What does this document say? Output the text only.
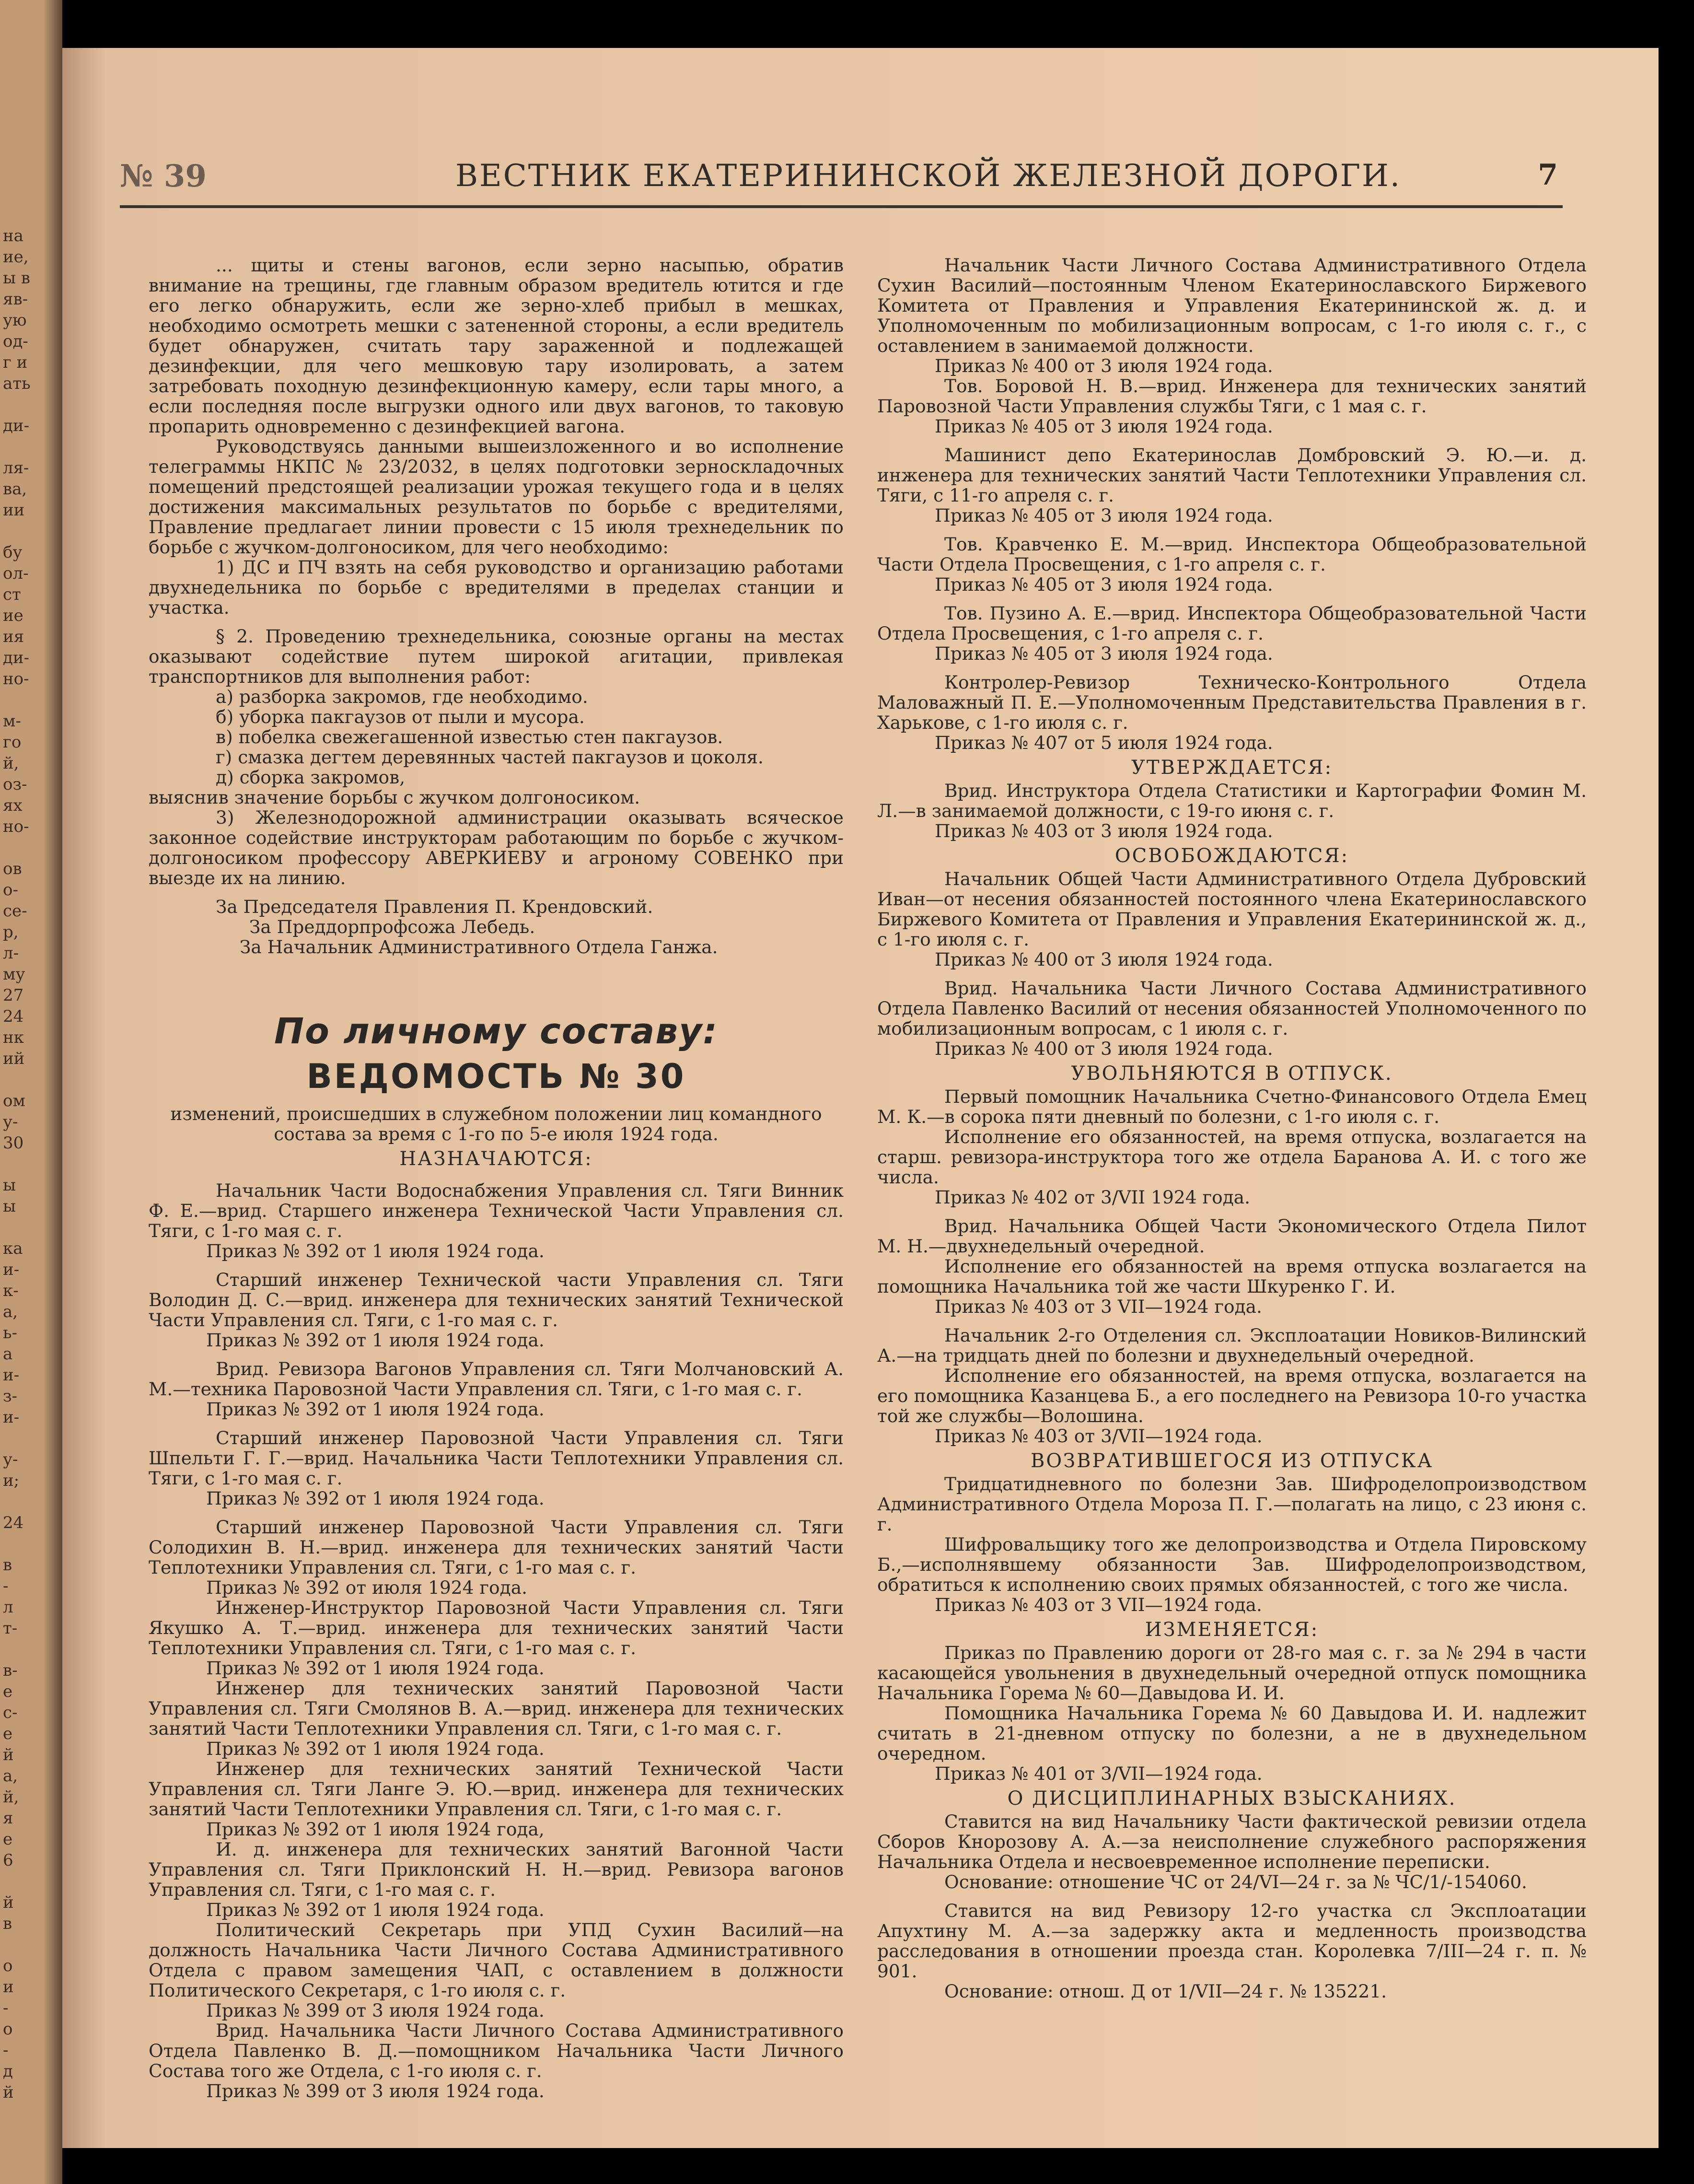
на
ие,
ы в
яв-
ую
од-
г и
ать

ди-

ля-
ва,
ии

бу
ол-
ст
ие
ия
ди-
но-

м-
го
й,
оз-
ях
но-

ов
о-
се-
р,
л-
му
27
24
нк
ий

ом
у-
30

ы
ы

ка
и-
к-
а,
ь-
а
и-
з-
и-

у-
и;

24

в
-
л
т-

в-
е
с-
е
й
а,
й,
я
е
6

й
в

о
и
-
о
-
д
й
№ 39	ВЕСТНИК ЕКАТЕРИНИНСКОЙ ЖЕЛЕЗНОЙ ДОРОГИ.	7

... щиты и стены вагонов, если зерно насыпью, обратив внимание на трещины, где главным образом вредитель ютится и где его легко обнаружить, если же зерно-хлеб прибыл в мешках, необходимо осмотреть мешки с затененной стороны, а если вредитель будет обнаружен, считать тару зараженной и подлежащей дезинфекции, для чего мешковую тару изолировать, а затем затребовать походную дезинфекционную камеру, если тары много, а если последняя после выгрузки одного или двух вагонов, то таковую пропарить одновременно с дезинфекцией вагона.

Руководствуясь данными вышеизложенного и во исполнение телеграммы НКПС № 23/2032, в целях подготовки зерноскладочных помещений предстоящей реализации урожая текущего года и в целях достижения максимальных результатов по борьбе с вредителями, Правление предлагает линии провести с 15 июля трехнедельник по борьбе с жучком-долгоносиком, для чего необходимо:

1) ДС и ПЧ взять на себя руководство и организацию работами двухнедельника по борьбе с вредителями в пределах станции и участка.

§ 2. Проведению трехнедельника, союзные органы на местах оказывают содействие путем широкой агитации, привлекая транспортников для выполнения работ:

а) разборка закромов, где необходимо.

б) уборка пакгаузов от пыли и мусора.

в) побелка свежегашенной известью стен пакгаузов.

г) смазка дегтем деревянных частей пакгаузов и цоколя.

д) сборка закромов,

выяснив значение борьбы с жучком долгоносиком.

3) Железнодорожной администрации оказывать всяческое законное содействие инструкторам работающим по борьбе с жучком-долгоносиком профессору АВЕРКИЕВУ и агроному СОВЕНКО при выезде их на линию.

За Председателя Правления П. Крендовский.

За Преддорпрофсожа Лебедь.

За Начальник Административного Отдела Ганжа.

По личному составу:
ВЕДОМОСТЬ № 30

изменений, происшедших в служебном положении лиц командного состава за время с 1-го по 5-е июля 1924 года.

НАЗНАЧАЮТСЯ:

Начальник Части Водоснабжения Управления сл. Тяги Винник Ф. Е.—врид. Старшего инженера Технической Части Управления сл. Тяги, с 1-го мая с. г.

Приказ № 392 от 1 июля 1924 года.

Старший инженер Технической части Управления сл. Тяги Володин Д. С.—врид. инженера для технических занятий Технической Части Управления сл. Тяги, с 1-го мая с. г.

Приказ № 392 от 1 июля 1924 года.

Врид. Ревизора Вагонов Управления сл. Тяги Молчановский А. М.—техника Паровозной Части Управления сл. Тяги, с 1-го мая с. г.

Приказ № 392 от 1 июля 1924 года.

Старший инженер Паровозной Части Управления сл. Тяги Шпельти Г. Г.—врид. Начальника Части Теплотехники Управления сл. Тяги, с 1-го мая с. г.

Приказ № 392 от 1 июля 1924 года.

Старший инженер Паровозной Части Управления сл. Тяги Солодихин В. Н.—врид. инженера для технических занятий Части Теплотехники Управления сл. Тяги, с 1-го мая с. г.

Приказ № 392 от июля 1924 года.

Инженер-Инструктор Паровозной Части Управления сл. Тяги Якушко А. Т.—врид. инженера для технических занятий Части Теплотехники Управления сл. Тяги, с 1-го мая с. г.

Приказ № 392 от 1 июля 1924 года.

Инженер для технических занятий Паровозной Части Управления сл. Тяги Смолянов В. А.—врид. инженера для технических занятий Части Теплотехники Управления сл. Тяги, с 1-го мая с. г.

Приказ № 392 от 1 июля 1924 года.

Инженер для технических занятий Технической Части Управления сл. Тяги Ланге Э. Ю.—врид. инженера для технических занятий Части Теплотехники Управления сл. Тяги, с 1-го мая с. г.

Приказ № 392 от 1 июля 1924 года,

И. д. инженера для технических занятий Вагонной Части Управления сл. Тяги Приклонский Н. Н.—врид. Ревизора вагонов Управления сл. Тяги, с 1-го мая с. г.

Приказ № 392 от 1 июля 1924 года.

Политический Секретарь при УПД Сухин Василий—на должность Начальника Части Личного Состава Административного Отдела с правом замещения ЧАП, с оставлением в должности Политического Секретаря, с 1-го июля с. г.

Приказ № 399 от 3 июля 1924 года.

Врид. Начальника Части Личного Состава Административного Отдела Павленко В. Д.—помощником Начальника Части Личного Состава того же Отдела, с 1-го июля с. г.

Приказ № 399 от 3 июля 1924 года.

Начальник Части Личного Состава Административного Отдела Сухин Василий—постоянным Членом Екатеринославского Биржевого Комитета от Правления и Управления Екатерининской ж. д. и Уполномоченным по мобилизационным вопросам, с 1-го июля с. г., с оставлением в занимаемой должности.

Приказ № 400 от 3 июля 1924 года.

Тов. Боровой Н. В.—врид. Инженера для технических занятий Паровозной Части Управления службы Тяги, с 1 мая с. г.

Приказ № 405 от 3 июля 1924 года.

Машинист депо Екатеринослав Домбровский Э. Ю.—и. д. инженера для технических занятий Части Теплотехники Управления сл. Тяги, с 11-го апреля с. г.

Приказ № 405 от 3 июля 1924 года.

Тов. Кравченко Е. М.—врид. Инспектора Общеобразовательной Части Отдела Просвещения, с 1-го апреля с. г.

Приказ № 405 от 3 июля 1924 года.

Тов. Пузино А. Е.—врид. Инспектора Общеобразовательной Части Отдела Просвещения, с 1-го апреля с. г.

Приказ № 405 от 3 июля 1924 года.

Контролер-Ревизор Техническо-Контрольного Отдела Маловажный П. Е.—Уполномоченным Представительства Правления в г. Харькове, с 1-го июля с. г.

Приказ № 407 от 5 июля 1924 года.

УТВЕРЖДАЕТСЯ:

Врид. Инструктора Отдела Статистики и Картографии Фомин М. Л.—в занимаемой должности, с 19-го июня с. г.

Приказ № 403 от 3 июля 1924 года.

ОСВОБОЖДАЮТСЯ:

Начальник Общей Части Административного Отдела Дубровский Иван—от несения обязанностей постоянного члена Екатеринославского Биржевого Комитета от Правления и Управления Екатерининской ж. д., с 1-го июля с. г.

Приказ № 400 от 3 июля 1924 года.

Врид. Начальника Части Личного Состава Административного Отдела Павленко Василий от несения обязанностей Уполномоченного по мобилизационным вопросам, с 1 июля с. г.

Приказ № 400 от 3 июля 1924 года.

УВОЛЬНЯЮТСЯ В ОТПУСК.

Первый помощник Начальника Счетно-Финансового Отдела Емец М. К.—в сорока пяти дневный по болезни, с 1-го июля с. г.

Исполнение его обязанностей, на время отпуска, возлагается на старш. ревизора-инструктора того же отдела Баранова А. И. с того же числа.

Приказ № 402 от 3/VII 1924 года.

Врид. Начальника Общей Части Экономического Отдела Пилот М. Н.—двухнедельный очередной.

Исполнение его обязанностей на время отпуска возлагается на помощника Начальника той же части Шкуренко Г. И.

Приказ № 403 от 3 VII—1924 года.

Начальник 2-го Отделения сл. Эксплоатации Новиков-Вилинский А.—на тридцать дней по болезни и двухнедельный очередной.

Исполнение его обязанностей, на время отпуска, возлагается на его помощника Казанцева Б., а его последнего на Ревизора 10-го участка той же службы—Волошина.

Приказ № 403 от 3/VII—1924 года.

ВОЗВРАТИВШЕГОСЯ ИЗ ОТПУСКА

Тридцатидневного по болезни Зав. Шифроделопроизводством Административного Отдела Мороза П. Г.—полагать на лицо, с 23 июня с. г.

Шифровальщику того же делопроизводства и Отдела Пировскому Б.,—исполнявшему обязанности Зав. Шифроделопроизводством, обратиться к исполнению своих прямых обязанностей, с того же числа.

Приказ № 403 от 3 VII—1924 года.

ИЗМЕНЯЕТСЯ:

Приказ по Правлению дороги от 28-го мая с. г. за № 294 в части касающейся увольнения в двухнедельный очередной отпуск помощника Начальника Горема № 60—Давыдова И. И.

Помощника Начальника Горема № 60 Давыдова И. И. надлежит считать в 21-дневном отпуску по болезни, а не в двухнедельном очередном.

Приказ № 401 от 3/VII—1924 года.

О ДИСЦИПЛИНАРНЫХ ВЗЫСКАНИЯХ.

Ставится на вид Начальнику Части фактической ревизии отдела Сборов Кнорозову А. А.—за неисполнение служебного распоряжения Начальника Отдела и несвоевременное исполнение переписки.

Основание: отношение ЧС от 24/VI—24 г. за № ЧС/1/-154060.

Ставится на вид Ревизору 12-го участка сл Эксплоатации Апухтину М. А.—за задержку акта и медленность производства расследования в отношении проезда стан. Королевка 7/III—24 г. п. № 901.

Основание: отнош. Д от 1/VII—24 г. № 135221.
